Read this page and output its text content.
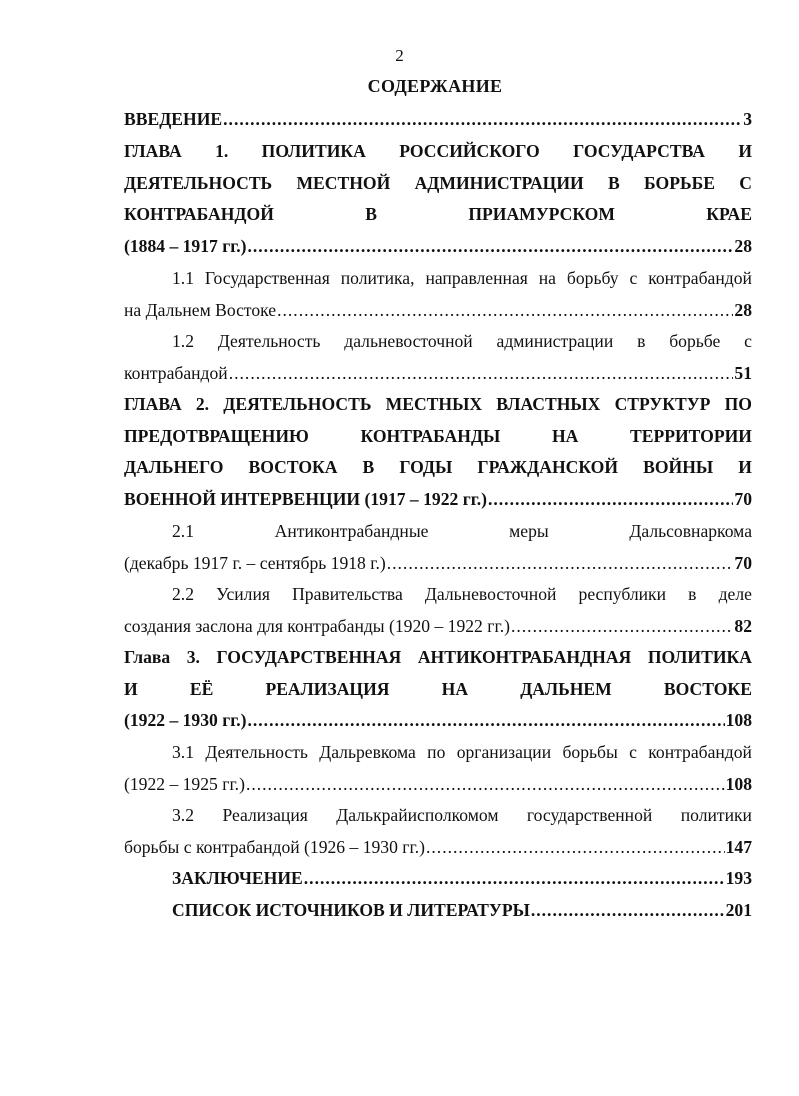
2
СОДЕРЖАНИЕ
ВВЕДЕНИЕ .....	3
ГЛАВА 1. ПОЛИТИКА РОССИЙСКОГО ГОСУДАРСТВА И
ДЕЯТЕЛЬНОСТЬ МЕСТНОЙ АДМИНИСТРАЦИИ В БОРЬБЕ С
КОНТРАБАНДОЙ	В	ПРИАМУРСКОМ	КРАЕ
(1884 – 1917 гг.) .....	28
1.1 Государственная политика, направленная на борьбу с контрабандой
на Дальнем Востоке .....	28
1.2 Деятельность дальневосточной администрации в борьбе с
контрабандой .....	51
ГЛАВА 2. ДЕЯТЕЛЬНОСТЬ МЕСТНЫХ ВЛАСТНЫХ СТРУКТУР ПО
ПРЕДОТВРАЩЕНИЮ	КОНТРАБАНДЫ	НА	ТЕРРИТОРИИ
ДАЛЬНЕГО ВОСТОКА В ГОДЫ ГРАЖДАНСКОЙ ВОЙНЫ И
ВОЕННОЙ ИНТЕРВЕНЦИИ (1917 – 1922 гг.) .....	70
2.1	Антиконтрабандные	меры	Дальсовнаркома
(декабрь 1917 г. – сентябрь 1918 г.) .....	70
2.2 Усилия Правительства Дальневосточной республики в деле
создания заслона для контрабанды (1920 – 1922 гг.) .....	82
Глава 3. ГОСУДАРСТВЕННАЯ АНТИКОНТРАБАНДНАЯ ПОЛИТИКА
И	ЕЁ	РЕАЛИЗАЦИЯ	НА	ДАЛЬНЕМ	ВОСТОКЕ
(1922 – 1930 гг.) .....	108
3.1 Деятельность Дальревкома по организации борьбы с контрабандой
(1922 – 1925 гг.) .....	108
3.2 Реализация Далькрайисполкомом государственной политики
борьбы с контрабандой (1926 – 1930 гг.) .....	147
ЗАКЛЮЧЕНИЕ .....	193
СПИСОК ИСТОЧНИКОВ И ЛИТЕРАТУРЫ .....	201
